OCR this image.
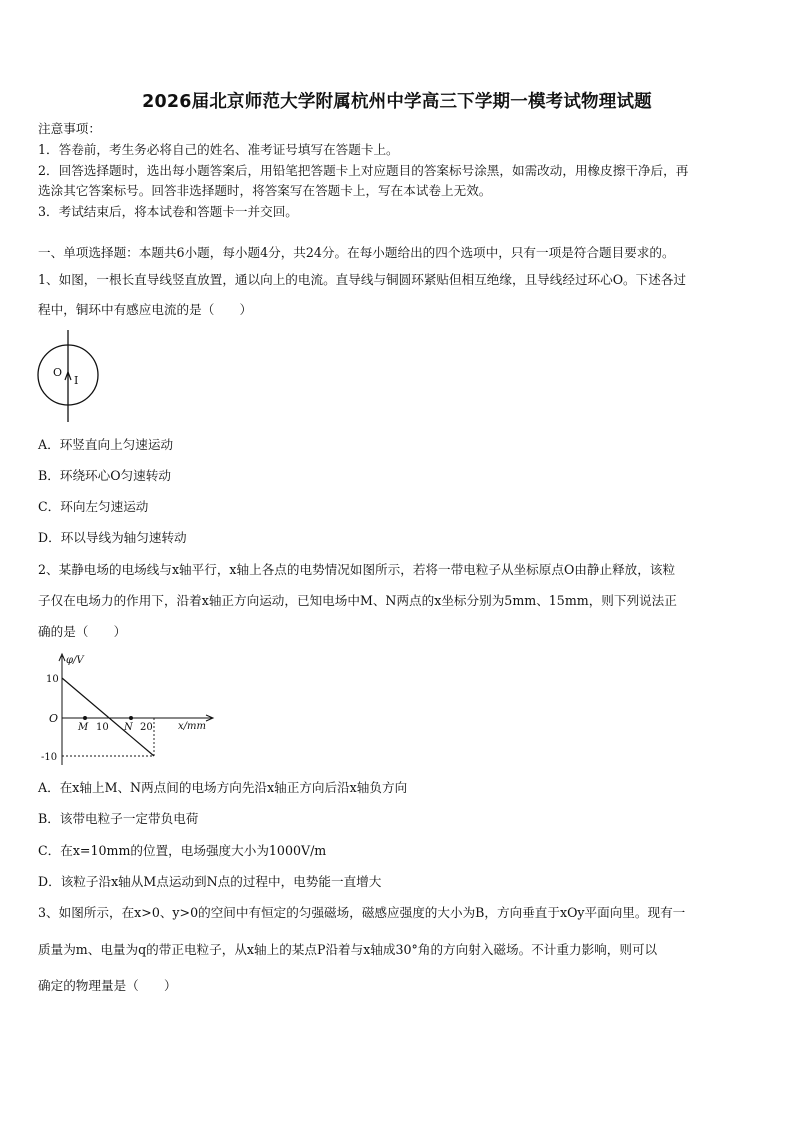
2026届北京师范大学附属杭州中学高三下学期一模考试物理试题
注意事项：
1．答卷前，考生务必将自己的姓名、准考证号填写在答题卡上。
2．回答选择题时，选出每小题答案后，用铅笔把答题卡上对应题目的答案标号涂黑，如需改动，用橡皮擦干净后，再
选涂其它答案标号。回答非选择题时，将答案写在答题卡上，写在本试卷上无效。
3．考试结束后，将本试卷和答题卡一并交回。
一、单项选择题：本题共6小题，每小题4分，共24分。在每小题给出的四个选项中，只有一项是符合题目要求的。
1、如图，一根长直导线竖直放置，通以向上的电流。直导线与铜圆环紧贴但相互绝缘，且导线经过环心O。下述各过
程中，铜环中有感应电流的是（　　）
O
I
A．环竖直向上匀速运动
B．环绕环心O匀速转动
C．环向左匀速运动
D．环以导线为轴匀速转动
2、某静电场的电场线与x轴平行，x轴上各点的电势情况如图所示，若将一带电粒子从坐标原点O由静止释放，该粒
子仅在电场力的作用下，沿着x轴正方向运动，已知电场中M、N两点的x坐标分别为5mm、15mm，则下列说法正
确的是（　　）
φ/V
x/mm
O
10
-10
M 10 N 20
A．在x轴上M、N两点间的电场方向先沿x轴正方向后沿x轴负方向
B．该带电粒子一定带负电荷
C．在x=10mm的位置，电场强度大小为1000V/m
D．该粒子沿x轴从M点运动到N点的过程中，电势能一直增大
3、如图所示，在x>0、y>0的空间中有恒定的匀强磁场，磁感应强度的大小为B，方向垂直于xOy平面向里。现有一
质量为m、电量为q的带正电粒子，从x轴上的某点P沿着与x轴成30°角的方向射入磁场。不计重力影响，则可以
确定的物理量是（　　）
